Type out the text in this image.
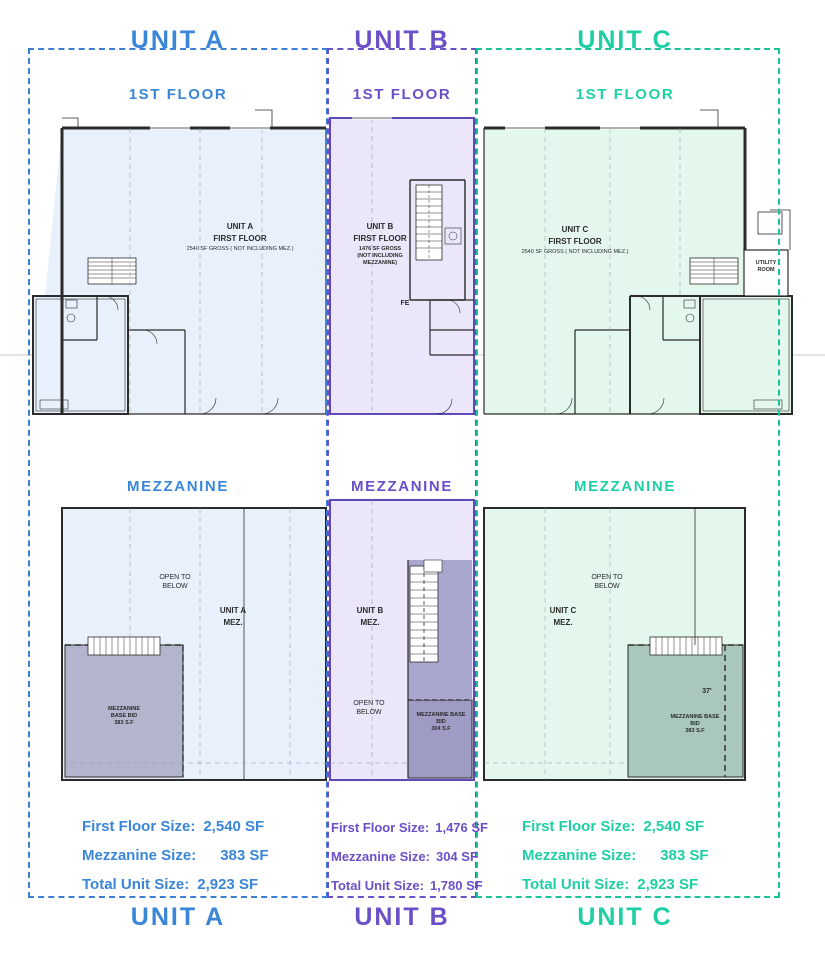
UNIT A	UNIT B	UNIT C
1ST FLOOR	1ST FLOOR	1ST FLOOR
MEZZANINE	MEZZANINE	MEZZANINE
UNIT A
FIRST FLOOR
2540 SF GROSS ( NOT INCLUDING MEZ.)
UNIT B
FIRST FLOOR
1476 SF GROSS
(NOT INCLUDING
MEZZANINE)
FE
UNIT C
FIRST FLOOR
2540 SF GROSS ( NOT INCLUDING MEZ.)
UTILITY
ROOM
OPEN TO
BELOW
UNIT A
MEZ.
MEZZANINE
BASE BID
383 S.F
UNIT B
MEZ.
OPEN TO
BELOW	MEZZANINE BASE
BID
304 S.F
OPEN TO
BELOW
UNIT C
MEZ.
MEZZANINE BASE
BID
383 S.F
37'
First Floor Size: 2,540 SF
Mezzanine Size: 383 SF
Total Unit Size: 2,923 SF
First Floor Size: 1,476 SF
Mezzanine Size: 304 SF
Total Unit Size: 1,780 SF
First Floor Size: 2,540 SF
Mezzanine Size: 383 SF
Total Unit Size: 2,923 SF
UNIT A	UNIT B	UNIT C
